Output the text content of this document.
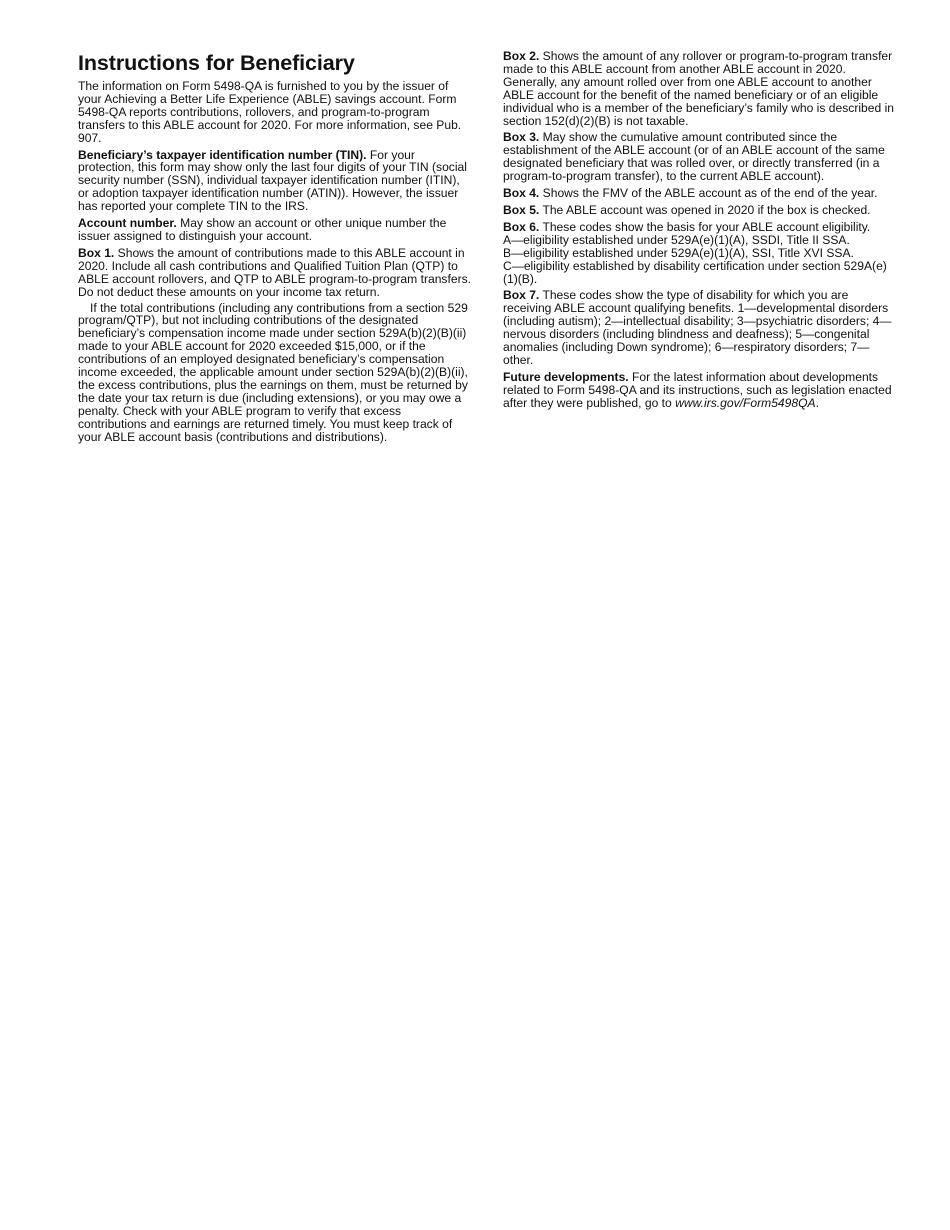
Instructions for Beneficiary

The information on Form 5498-QA is furnished to you by the issuer of your Achieving a Better Life Experience (ABLE) savings account. Form 5498-QA reports contributions, rollovers, and program-to-program transfers to this ABLE account for 2020. For more information, see Pub. 907.

Beneficiary’s taxpayer identification number (TIN). For your protection, this form may show only the last four digits of your TIN (social security number (SSN), individual taxpayer identification number (ITIN), or adoption taxpayer identification number (ATIN)). However, the issuer has reported your complete TIN to the IRS.

Account number. May show an account or other unique number the issuer assigned to distinguish your account.

Box 1. Shows the amount of contributions made to this ABLE account in 2020. Include all cash contributions and Qualified Tuition Plan (QTP) to ABLE account rollovers, and QTP to ABLE program-to-program transfers. Do not deduct these amounts on your income tax return.

If the total contributions (including any contributions from a section 529 program/QTP), but not including contributions of the designated beneficiary’s compensation income made under section 529A(b)(2)(B)(ii) made to your ABLE account for 2020 exceeded $15,000, or if the contributions of an employed designated beneficiary’s compensation income exceeded, the applicable amount under section 529A(b)(2)(B)(ii), the excess contributions, plus the earnings on them, must be returned by the date your tax return is due (including extensions), or you may owe a penalty. Check with your ABLE program to verify that excess contributions and earnings are returned timely. You must keep track of your ABLE account basis (contributions and distributions).

Box 2. Shows the amount of any rollover or program-to-program transfer made to this ABLE account from another ABLE account in 2020. Generally, any amount rolled over from one ABLE account to another ABLE account for the benefit of the named beneficiary or of an eligible individual who is a member of the beneficiary’s family who is described in section 152(d)(2)(B) is not taxable.

Box 3. May show the cumulative amount contributed since the establishment of the ABLE account (or of an ABLE account of the same designated beneficiary that was rolled over, or directly transferred (in a program-to-program transfer), to the current ABLE account).

Box 4. Shows the FMV of the ABLE account as of the end of the year.

Box 5. The ABLE account was opened in 2020 if the box is checked.

Box 6. These codes show the basis for your ABLE account eligibility.
A—eligibility established under 529A(e)(1)(A), SSDI, Title II SSA.
B—eligibility established under 529A(e)(1)(A), SSI, Title XVI SSA.
C—eligibility established by disability certification under section 529A(e)(1)(B).

Box 7. These codes show the type of disability for which you are receiving ABLE account qualifying benefits. 1—developmental disorders (including autism); 2—intellectual disability; 3—psychiatric disorders; 4—nervous disorders (including blindness and deafness); 5—congenital anomalies (including Down syndrome); 6—respiratory disorders; 7—other.

Future developments. For the latest information about developments related to Form 5498-QA and its instructions, such as legislation enacted after they were published, go to www.irs.gov/Form5498QA.
